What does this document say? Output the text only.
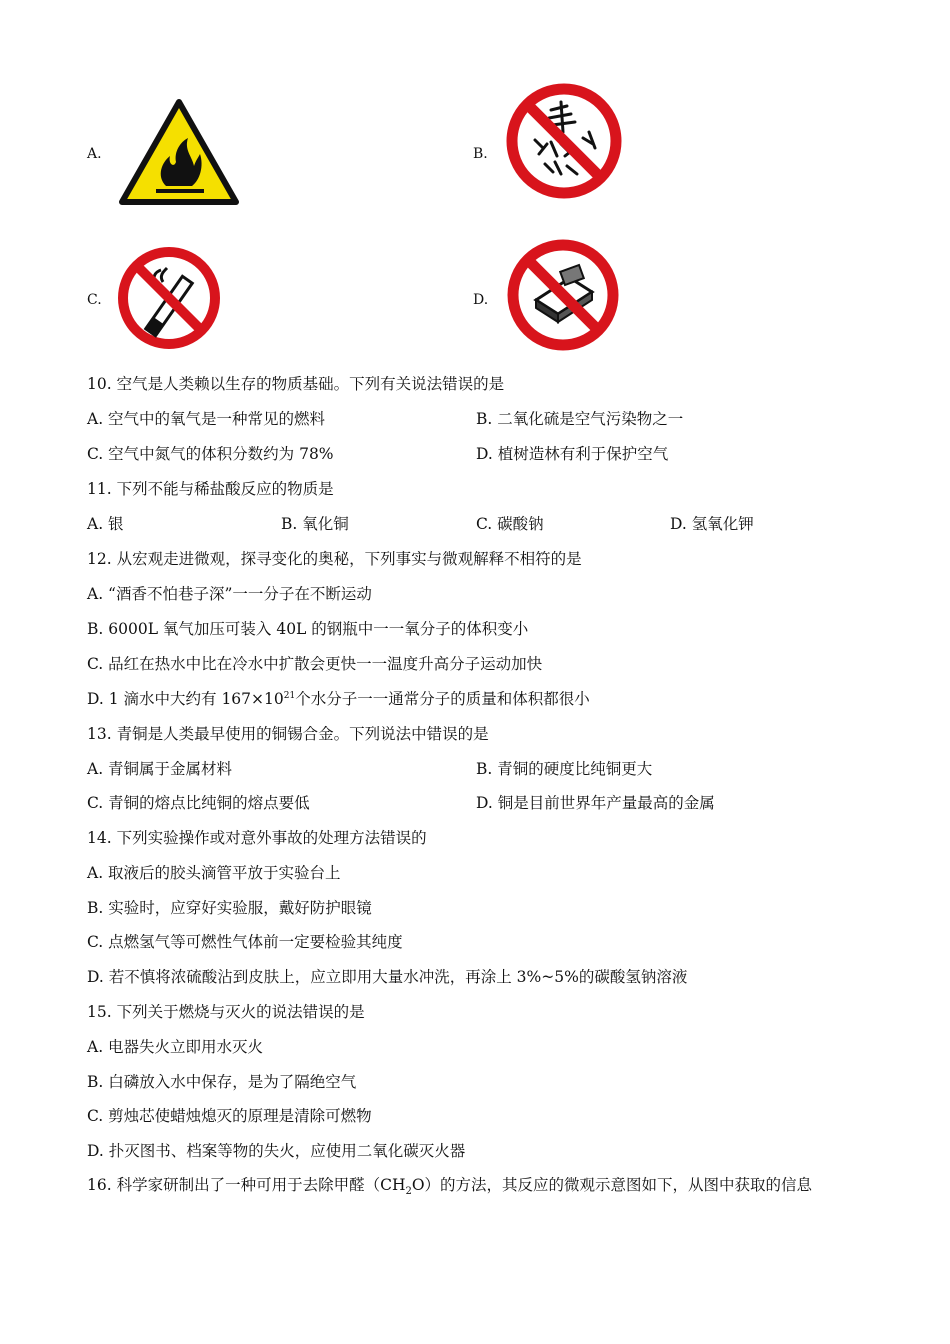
A.	B.
C.	D.
10. 空气是人类赖以生存的物质基础。下列有关说法错误的是
A. 空气中的氧气是一种常见的燃料	B. 二氧化硫是空气污染物之一
C. 空气中氮气的体积分数约为 78%	D. 植树造林有利于保护空气
11. 下列不能与稀盐酸反应的物质是
A. 银	B. 氧化铜	C. 碳酸钠	D. 氢氧化钾
12. 从宏观走进微观，探寻变化的奥秘，下列事实与微观解释不相符的是
A. “酒香不怕巷子深”一一分子在不断运动
B. 6000L 氧气加压可装入 40L 的钢瓶中一一氧分子的体积变小
C. 品红在热水中比在冷水中扩散会更快一一温度升高分子运动加快
D. 1 滴水中大约有 $167\times 10^{21}$个水分子一一通常分子的质量和体积都很小
13. 青铜是人类最早使用的铜锡合金。下列说法中错误的是
A. 青铜属于金属材料	B. 青铜的硬度比纯铜更大
C. 青铜的熔点比纯铜的熔点要低	D. 铜是目前世界年产量最高的金属
14. 下列实验操作或对意外事故的处理方法错误的
A. 取液后的胶头滴管平放于实验台上
B. 实验时，应穿好实验服，戴好防护眼镜
C. 点燃氢气等可燃性气体前一定要检验其纯度
D. 若不慎将浓硫酸沾到皮肤上，应立即用大量水冲洗，再涂上 3%~5%的碳酸氢钠溶液
15. 下列关于燃烧与灭火的说法错误的是
A. 电器失火立即用水灭火
B. 白磷放入水中保存，是为了隔绝空气
C. 剪烛芯使蜡烛熄灭的原理是清除可燃物
D. 扑灭图书、档案等物的失火，应使用二氧化碳灭火器
16. 科学家研制出了一种可用于去除甲醛$(CH_2O)$的方法，其反应的微观示意图如下，从图中获取的信息
